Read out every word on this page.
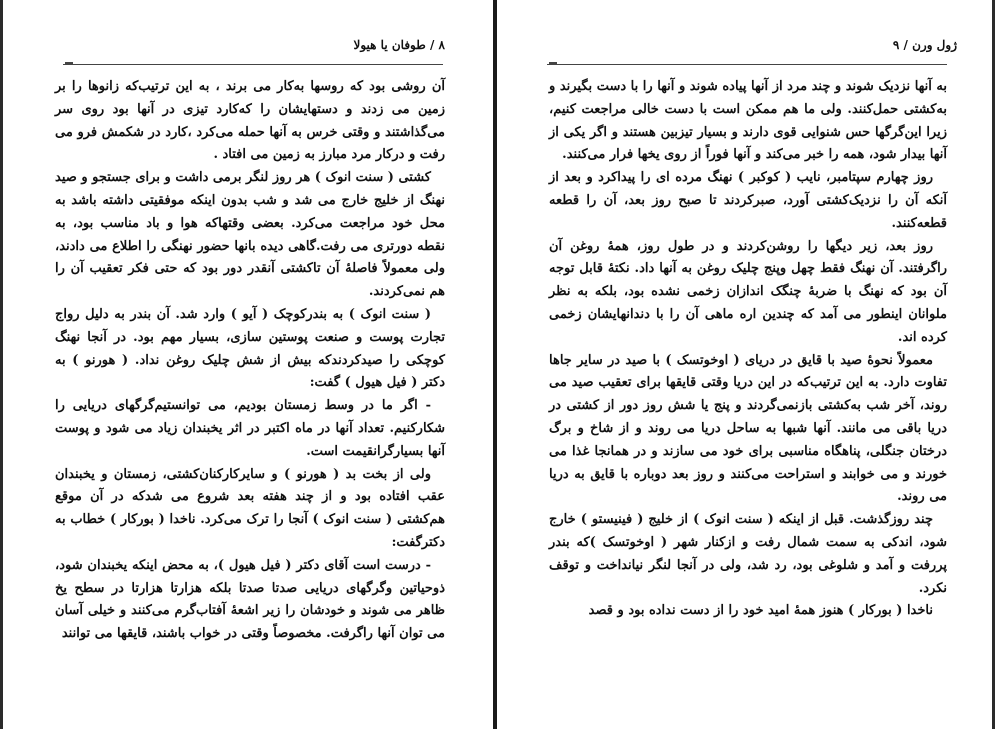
۸ / طوفان یا هیولا

آن روشی بود که روسها به‌کار می برند ، به این ترتیب‌که زانوها را بر زمین می زدند و دستهایشان را که‌کارد تیزی در آنها بود روی سر می‌گذاشتند و وقتی خرس به آنها حمله می‌کرد ،کارد در شکمش فرو می رفت و درکار مرد مبارز به زمین می افتاد .

کشتی ( سنت انوک ) هر روز لنگر برمی داشت و برای جستجو و صید نهنگ از خلیج خارج می شد و شب بدون اینکه موفقیتی داشته باشد به محل خود مراجعت می‌کرد. بعضی وقتها‌که هوا و باد مناسب بود، به نقطه دورتری می رفت.گاهی دیده بانها حضور نهنگی را اطلاع می دادند، ولی معمولاً فاصلهٔ آن تاکشتی آنقدر دور بود که حتی فکر تعقیب آن را هم نمی‌کردند.

( سنت انوک ) به بندرکوچک ( آیو ) وارد شد. آن بندر به دلیل رواج تجارت پوست و صنعت پوستین سازی، بسیار مهم بود. در آنجا نهنگ کوچکی را صید‌کردند‌که بیش از شش چلیک روغن نداد. ( هورنو ) به دکتر ( فیل هیول ) گفت:

- اگر ما در وسط زمستان بودیم، می توانستیم‌گرگهای دریایی را شکارکنیم. تعداد آنها در ماه اکتبر در اثر یخبندان زیاد می شود و پوست آنها بسیارگرانقیمت است.

ولی از بخت بد ( هورنو ) و سایرکارکنان‌کشتی، زمستان و یخبندان عقب افتاده بود و از چند هفته بعد شروع می شد‌که در آن موقع هم‌کشتی ( سنت انوک ) آنجا را ترک می‌کرد. ناخدا ( بورکار ) خطاب به دکتر‌گفت:

- درست است آقای دکتر ( فیل هیول )، به محض اینکه یخبندان شود، ذوحیاتین وگرگهای دریایی صدتا صدتا بلکه هزارتا هزارتا در سطح یخ ظاهر می شوند و خودشان را زیر اشعهٔ آفتاب‌گرم می‌کنند و خیلی آسان می توان آنها راگرفت. مخصوصاً وقتی در خواب باشند، قایقها می توانند

ژول ورن / ۹

به آنها نزدیک شوند و چند مرد از آنها پیاده شوند و آنها را با دست بگیرند و به‌کشتی حمل‌کنند. ولی ما هم ممکن است با دست خالی مراجعت کنیم، زیرا این‌گرگها حس شنوایی قوی دارند و بسیار تیزبین هستند و اگر یکی از آنها بیدار شود، همه را خبر می‌کند و آنها فوراً از روی یخها فرار می‌کنند.

روز چهارم سپتامبر، نایب ( کوکبر ) نهنگ مرده ای را پیداکرد و بعد از آنکه آن را نزدیک‌کشتی آورد، صبرکردند تا صبح روز بعد، آن را قطعه قطعه‌کنند.

روز بعد، زیر دیگها را روشن‌کردند و در طول روز، همهٔ روغن آن راگرفتند. آن نهنگ فقط چهل وپنج چلیک روغن به آنها داد. نکتهٔ قابل توجه آن بود که نهنگ با ضربهٔ چنگک اندازان زخمی نشده بود، بلکه به نظر ملوانان اینطور می آمد که چندین اره ماهی آن را با دندانهایشان زخمی کرده اند.

معمولاً نحوهٔ صید با قایق در دریای ( اوخوتسک ) با صید در سایر جاها تفاوت دارد. به این ترتیب‌که در این دریا وقتی قایقها برای تعقیب صید می روند، آخر شب به‌کشتی بازنمی‌گردند و پنج یا شش روز دور از کشتی در دریا باقی می مانند. آنها شبها به ساحل دریا می روند و از شاخ و برگ درختان جنگلی، پناهگاه مناسبی برای خود می سازند و در همانجا غذا می خورند و می خوابند و استراحت می‌کنند و روز بعد دوباره با قایق به دریا می روند.

چند روزگذشت. قبل از اینکه ( سنت انوک ) از خلیج ( فینیستو ) خارج شود، اندکی به سمت شمال رفت و ازکنار شهر ( اوخوتسک )که بندر پررفت و آمد و شلوغی بود، رد شد، ولی در آنجا لنگر نیانداخت و توقف نکرد.

ناخدا ( بورکار ) هنوز همهٔ امید خود را از دست نداده بود و قصد
